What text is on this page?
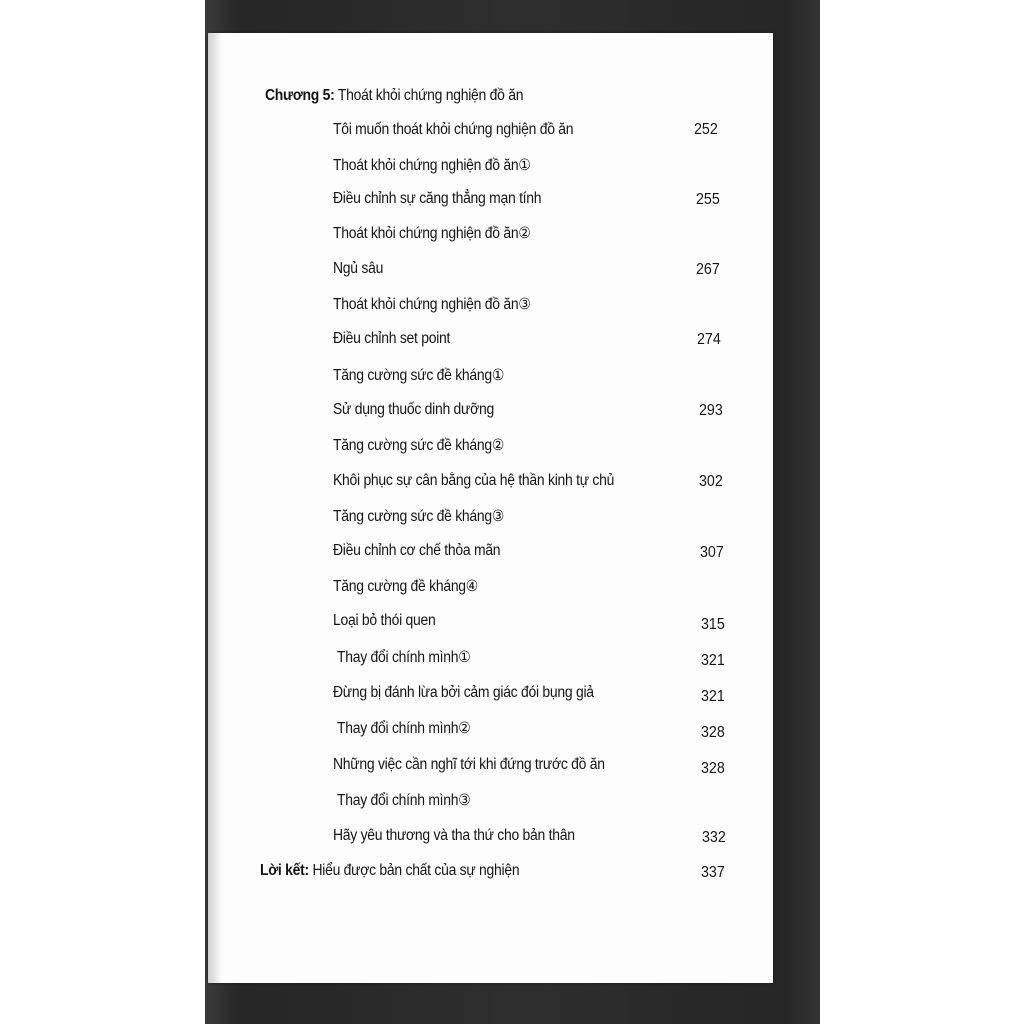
Chương 5: Thoát khỏi chứng nghiện đồ ăn
Tôi muốn thoát khỏi chứng nghiện đồ ăn	252
Thoát khỏi chứng nghiện đồ ăn①
Điều chỉnh sự căng thẳng mạn tính	255
Thoát khỏi chứng nghiện đồ ăn②
Ngủ sâu	267
Thoát khỏi chứng nghiện đồ ăn③
Điều chỉnh set point	274
Tăng cường sức đề kháng①
Sử dụng thuốc dinh dưỡng	293
Tăng cường sức đề kháng②
Khôi phục sự cân bằng của hệ thần kinh tự chủ	302
Tăng cường sức đề kháng③
Điều chỉnh cơ chế thỏa mãn	307
Tăng cường đề kháng④
Loại bỏ thói quen	315
Thay đổi chính mình①	321
Đừng bị đánh lừa bởi cảm giác đói bụng giả	321
Thay đổi chính mình②	328
Những việc cần nghĩ tới khi đứng trước đồ ăn	328
Thay đổi chính mình③
Hãy yêu thương và tha thứ cho bản thân	332
Lời kết: Hiểu được bản chất của sự nghiện	337
